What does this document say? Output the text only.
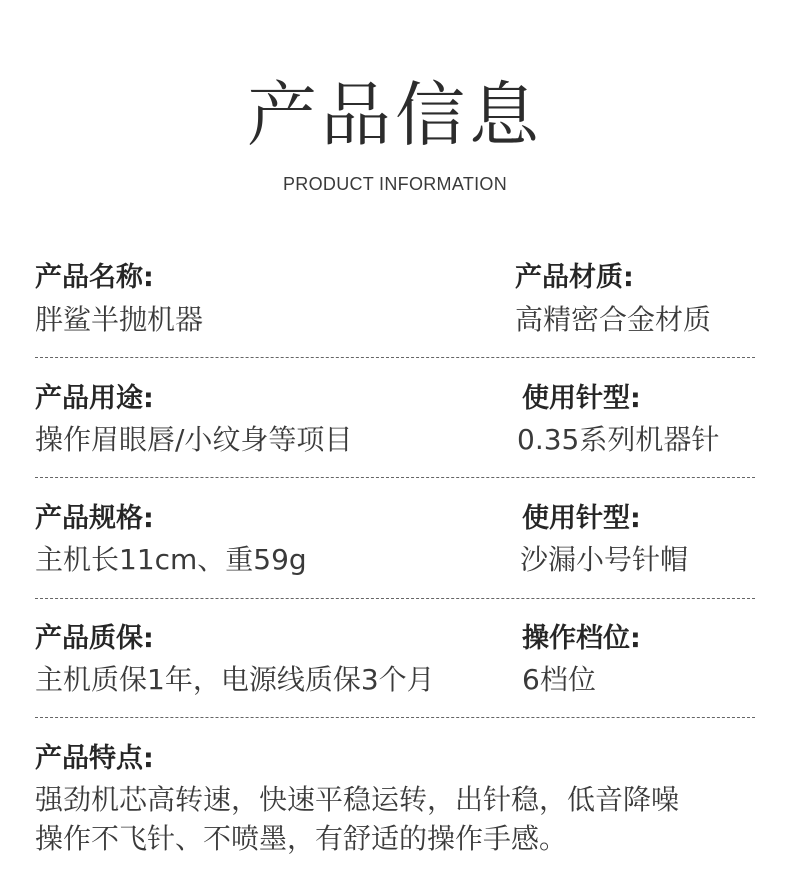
产品信息
PRODUCT INFORMATION
产品名称:
胖鲨半抛机器
产品材质:
高精密合金材质
产品用途:
操作眉眼唇/小纹身等项目
使用针型:
0.35系列机器针
产品规格:
主机长11cm、重59g
使用针型:
沙漏小号针帽
产品质保:
主机质保1年，电源线质保3个月
操作档位:
6档位
产品特点:
强劲机芯高转速，快速平稳运转，出针稳，低音降噪
操作不飞针、不喷墨，有舒适的操作手感。
